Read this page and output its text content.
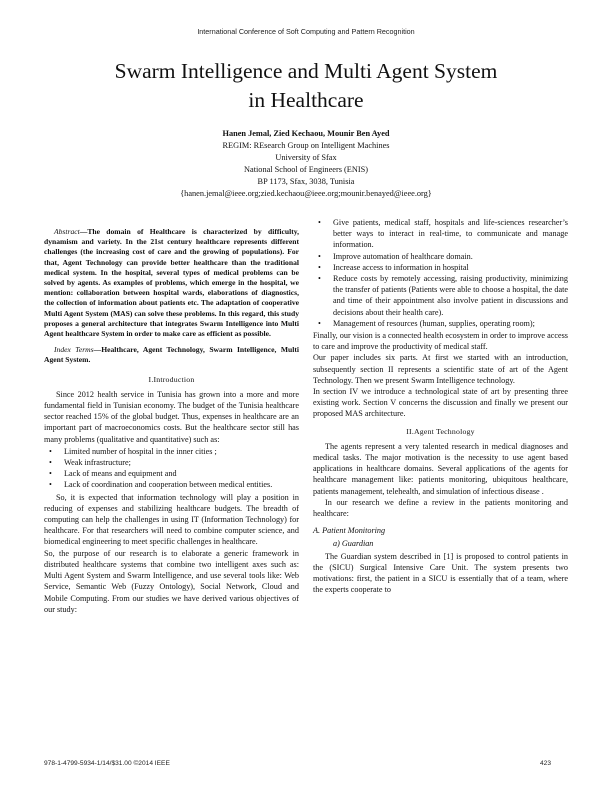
International Conference of Soft Computing and Pattern Recognition
Swarm Intelligence and Multi Agent System
in Healthcare
Hanen Jemal, Zied Kechaou, Mounir Ben Ayed
REGIM: REsearch Group on Intelligent Machines
University of Sfax
National School of Engineers (ENIS)
BP 1173, Sfax, 3038, Tunisia
{hanen.jemal@ieee.org;zied.kechaou@ieee.org;mounir.benayed@ieee.org}

Abstract—The domain of Healthcare is characterized by difficulty, dynamism and variety. In the 21st century healthcare represents different challenges (the increasing cost of care and the growing of populations). For that, Agent Technology can provide better healthcare than the traditional medical system. In the hospital, several types of medical problems can be solved by agents. As examples of problems, which emerge in the hospital, we mention: collaboration between hospital wards, elaborations of diagnostics, the collection of information about patients etc. The adaptation of cooperative Multi Agent System (MAS) can solve these problems. In this regard, this study proposes a general architecture that integrates Swarm Intelligence into Multi Agent healthcare System in order to make care as efficient as possible.

Index Terms—Healthcare, Agent Technology, Swarm Intelligence, Multi Agent System.

I.Introduction

Since 2012 health service in Tunisia has grown into a more and more fundamental field in Tunisian economy. The budget of the Tunisia healthcare sector reached 15% of the global budget. Thus, expenses in healthcare are an important part of macroeconomics costs. But the healthcare sector still has many problems (qualitative and quantitative) such as:

• Limited number of hospital in the inner cities ;
• Weak infrastructure;
• Lack of means and equipment and
• Lack of coordination and cooperation between medical entities.

So, it is expected that information technology will play a position in reducing of expenses and stabilizing healthcare budgets. The breadth of computing can help the challenges in using IT (Information Technology) for healthcare. For that researchers will need to combine computer science, and biomedical engineering to meet specific challenges in healthcare.

So, the purpose of our research is to elaborate a generic framework in distributed healthcare systems that combine two intelligent axes such as: Multi Agent System and Swarm Intelligence, and use several tools like: Web Service, Semantic Web (Fuzzy Ontology), Social Network, Cloud and Mobile Computing. From our studies we have derived various objectives of our study:

• Give patients, medical staff, hospitals and life-sciences researcher’s better ways to interact in real-time, to communicate and manage information.
• Improve automation of healthcare domain.
• Increase access to information in hospital
• Reduce costs by remotely accessing, raising productivity, minimizing the transfer of patients (Patients were able to choose a hospital, the date and time of their appointment also involve patient in discussions and decisions about their health care).
• Management of resources (human, supplies, operating room);

Finally, our vision is a connected health ecosystem in order to improve access to care and improve the productivity of medical staff.

Our paper includes six parts. At first we started with an introduction, subsequently section II represents a scientific state of art of the Agent Technology. Then we present Swarm Intelligence technology.

In section IV we introduce a technological state of art by presenting three existing work. Section V concerns the discussion and finally we present our proposed MAS architecture.

II.Agent Technology

The agents represent a very talented research in medical diagnoses and medical tasks. The major motivation is the necessity to use agent based applications in healthcare domains. Several applications of the agents for healthcare management like: patients monitoring, ubiquitous healthcare, patients management, telehealth, and simulation of infectious disease .

In our research we define a review in the patients monitoring and healthcare:

A. Patient Monitoring
a) Guardian

The Guardian system described in [1] is proposed to control patients in the (SICU) Surgical Intensive Care Unit. The system presents two motivations: first, the patient in a SICU is essentially that of a team, where the experts cooperate to

978-1-4799-5934-1/14/$31.00 ©2014 IEEE	423
